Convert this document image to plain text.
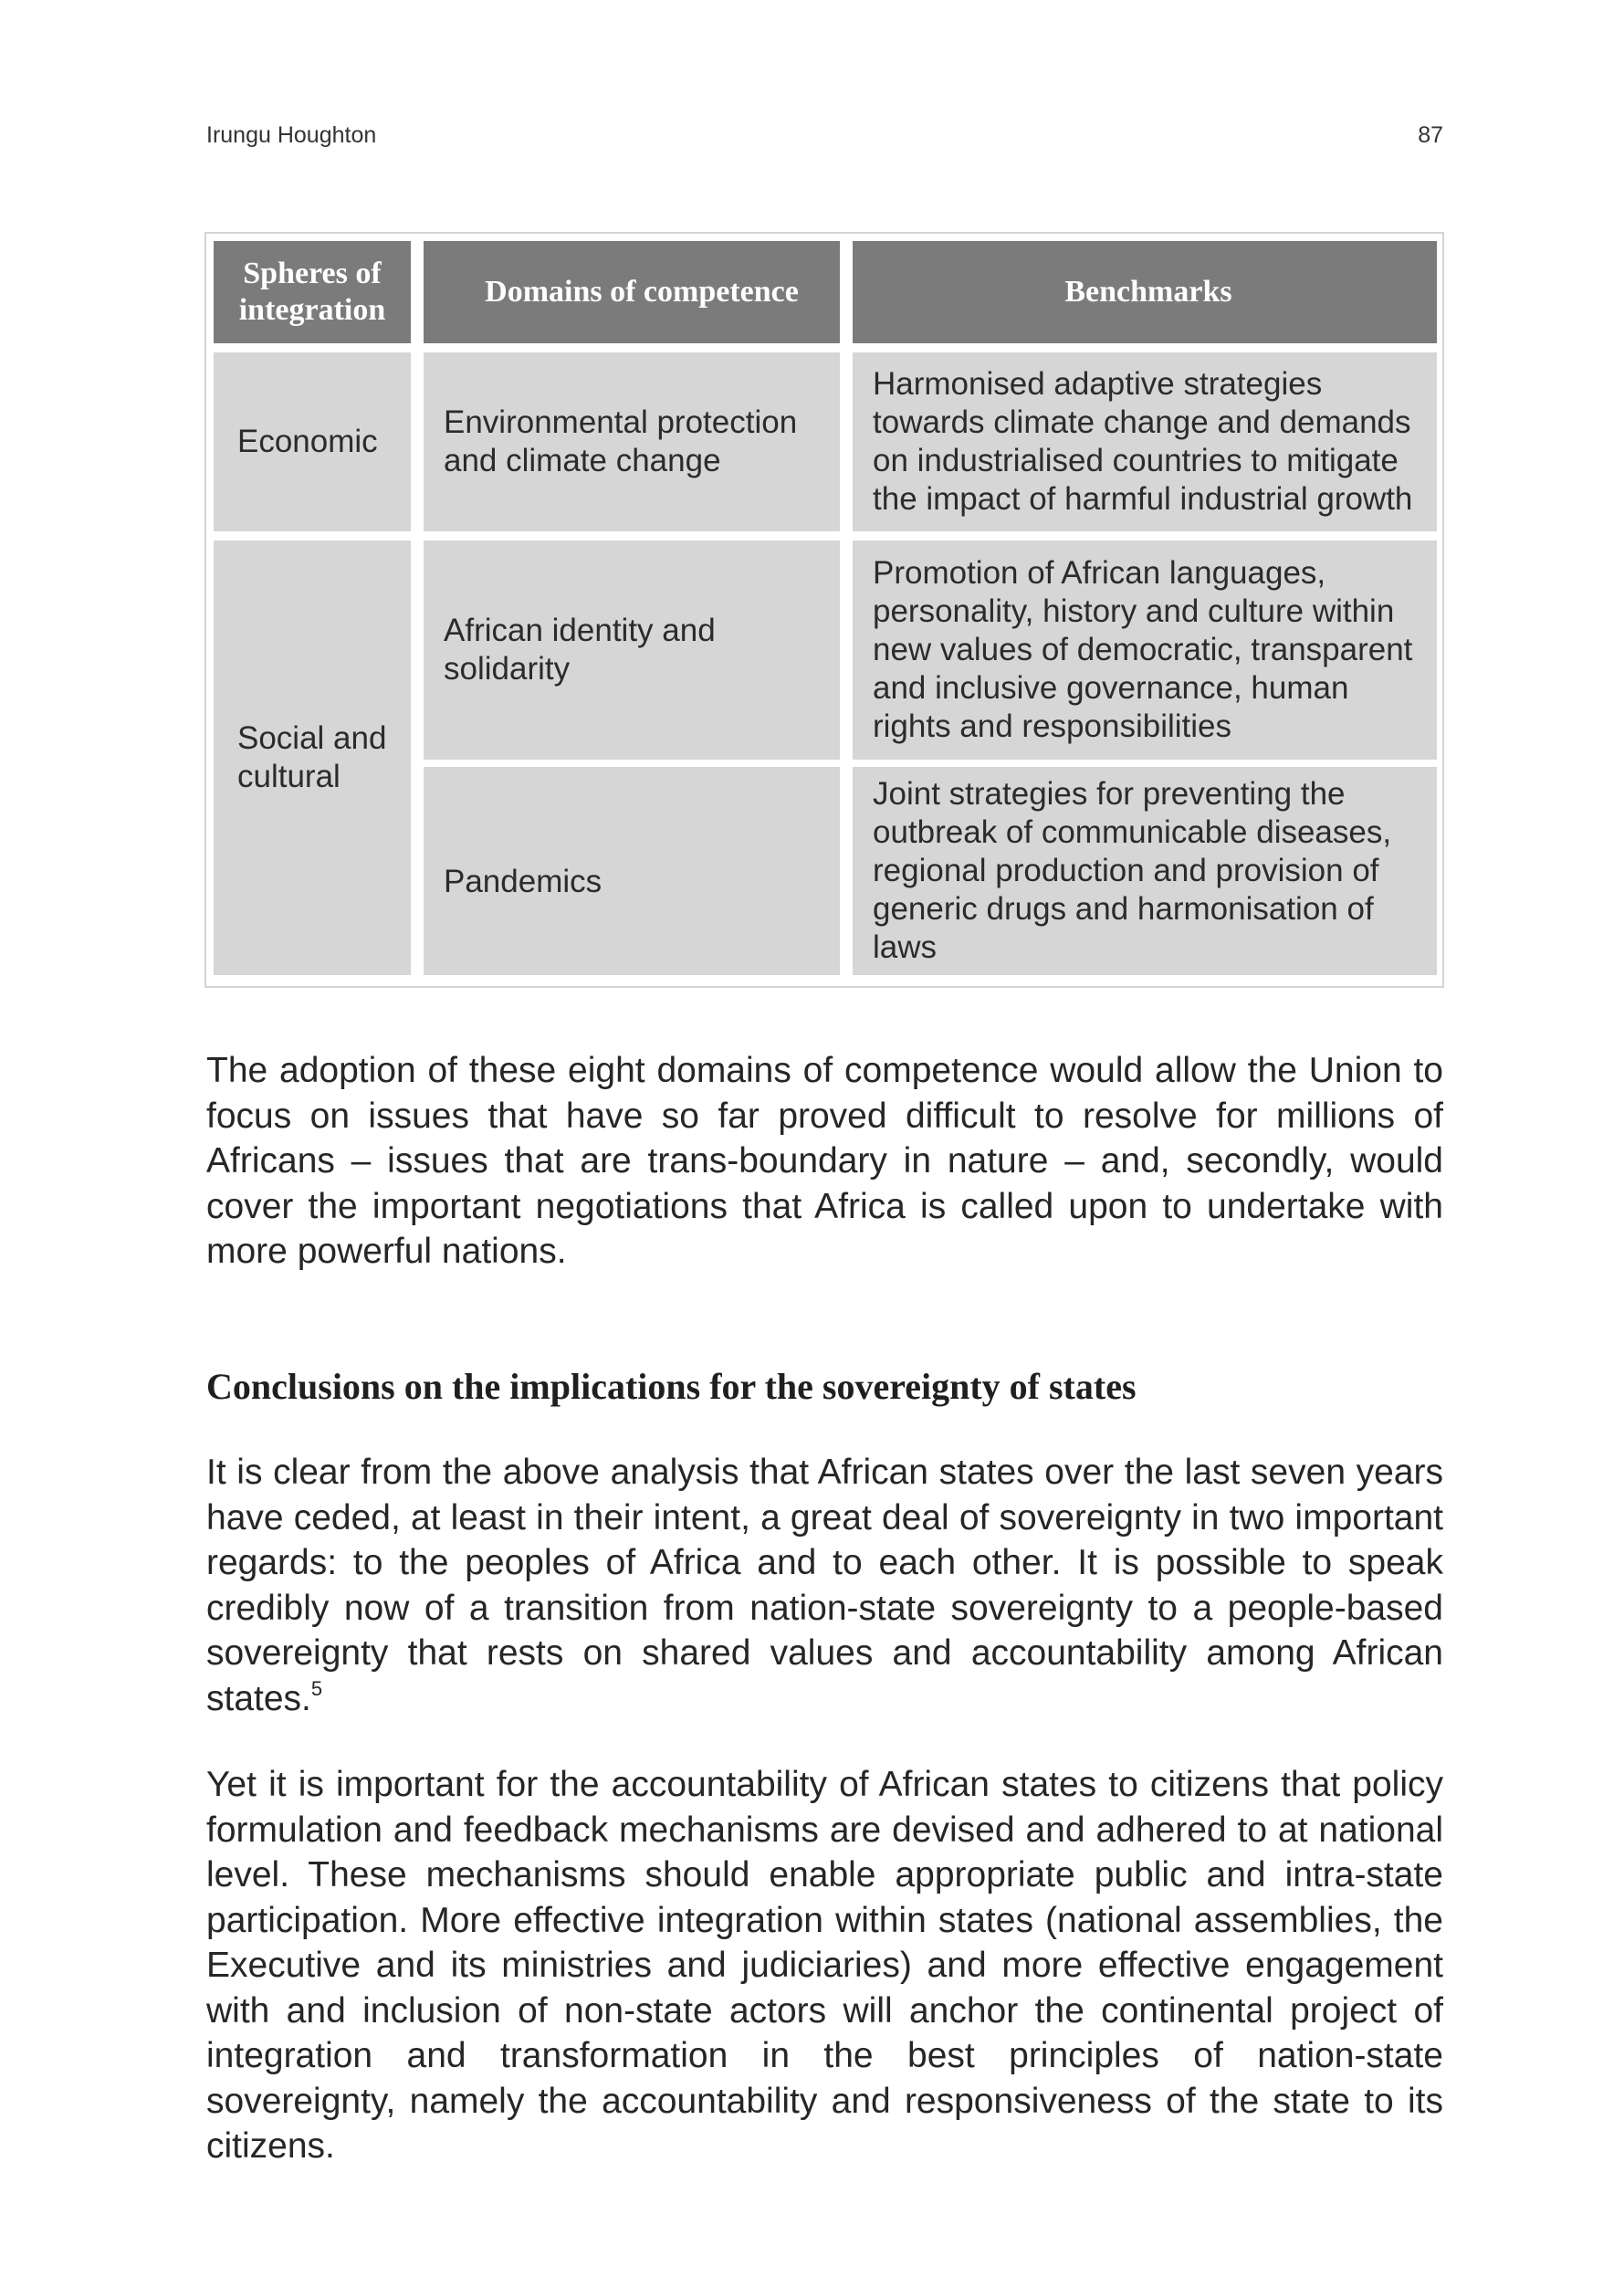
Irungu Houghton	87
Spheres of integration
Domains of competence	Benchmarks
Economic
Environmental protection and climate change
Harmonised adaptive strategies towards climate change and demands on industrialised countries to mitigate the impact of harmful industrial growth
Social and cultural
African identity and solidarity
Promotion of African languages, personality, history and culture within new values of democratic, transparent and inclusive governance, human rights and responsibilities
Pandemics
Joint strategies for preventing the outbreak of communicable diseases, regional production and provision of generic drugs and harmonisation of laws

The adoption of these eight domains of competence would allow the Union to focus on issues that have so far proved difficult to resolve for millions of Africans – issues that are trans-boundary in nature – and, secondly, would cover the important negotiations that Africa is called upon to undertake with more powerful nations.

Conclusions on the implications for the sovereignty of states

It is clear from the above analysis that African states over the last seven years have ceded, at least in their intent, a great deal of sovereignty in two important regards: to the peoples of Africa and to each other. It is possible to speak credibly now of a transition from nation-state sovereignty to a people-based sovereignty that rests on shared values and accountability among African states.$^5$

Yet it is important for the accountability of African states to citizens that policy formulation and feedback mechanisms are devised and adhered to at national level. These mechanisms should enable appropriate public and intra-state participation. More effective integration within states (national assemblies, the Executive and its ministries and judiciaries) and more effective engagement with and inclusion of non-state actors will anchor the continental project of integration and transformation in the best principles of nation-state sovereignty, namely the accountability and responsiveness of the state to its citizens.
